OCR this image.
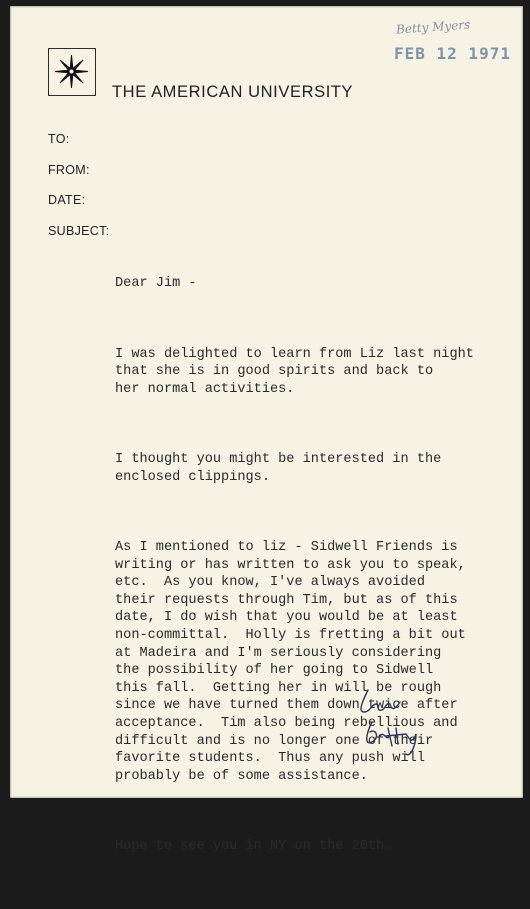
Betty Myers
FEB 12 1971
THE AMERICAN UNIVERSITY
TO:
FROM:
DATE:
SUBJECT:

Dear Jim -

I was delighted to learn from Liz last night
that she is in good spirits and back to
her normal activities.

I thought you might be interested in the
enclosed clippings.

As I mentioned to liz - Sidwell Friends is
writing or has written to ask you to speak,
etc.  As you know, I've always avoided
their requests through Tim, but as of this
date, I do wish that you would be at least
non-committal.  Holly is fretting a bit out
at Madeira and I'm seriously considering
the possibility of her going to Sidwell
this fall.  Getting her in will be rough
since we have turned them down twice after
acceptance.  Tim also being rebellious and
difficult and is no longer one of their
favorite students.  Thus any push will
probably be of some assistance.

Hope to see you in NY on the 20th.
